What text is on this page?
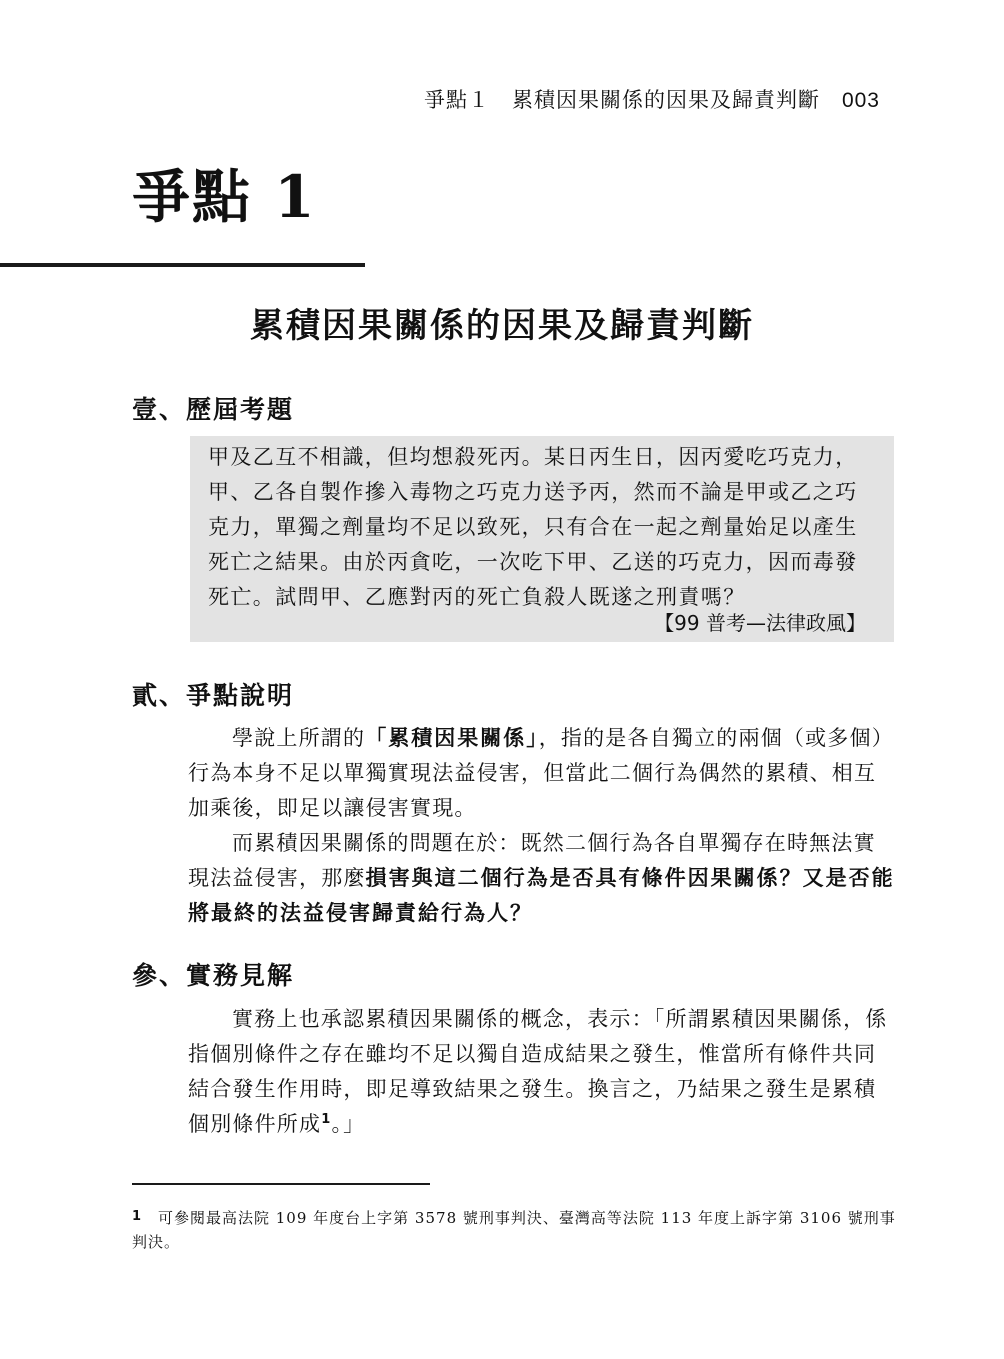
爭點１　累積因果關係的因果及歸責判斷 003
爭點 1
累積因果關係的因果及歸責判斷
壹、歷屆考題
甲及乙互不相識，但均想殺死丙。某日丙生日，因丙愛吃巧克力，
甲、乙各自製作摻入毒物之巧克力送予丙，然而不論是甲或乙之巧
克力，單獨之劑量均不足以致死，只有合在一起之劑量始足以產生
死亡之結果。由於丙貪吃，一次吃下甲、乙送的巧克力，因而毒發
死亡。試問甲、乙應對丙的死亡負殺人既遂之刑責嗎？
【99 普考—法律政風】
貳、爭點說明
學說上所謂的「累積因果關係」，指的是各自獨立的兩個（或多個）
行為本身不足以單獨實現法益侵害，但當此二個行為偶然的累積、相互
加乘後，即足以讓侵害實現。
而累積因果關係的問題在於：既然二個行為各自單獨存在時無法實
現法益侵害，那麼損害與這二個行為是否具有條件因果關係？又是否能
將最終的法益侵害歸責給行為人？
參、實務見解
實務上也承認累積因果關係的概念，表示：「所謂累積因果關係，係
指個別條件之存在雖均不足以獨自造成結果之發生，惟當所有條件共同
結合發生作用時，即足導致結果之發生。換言之，乃結果之發生是累積
個別條件所成$^1$。」
1 可參閱最高法院 109 年度台上字第 3578 號刑事判決、臺灣高等法院 113 年度上訴字第 3106 號刑事判決。
